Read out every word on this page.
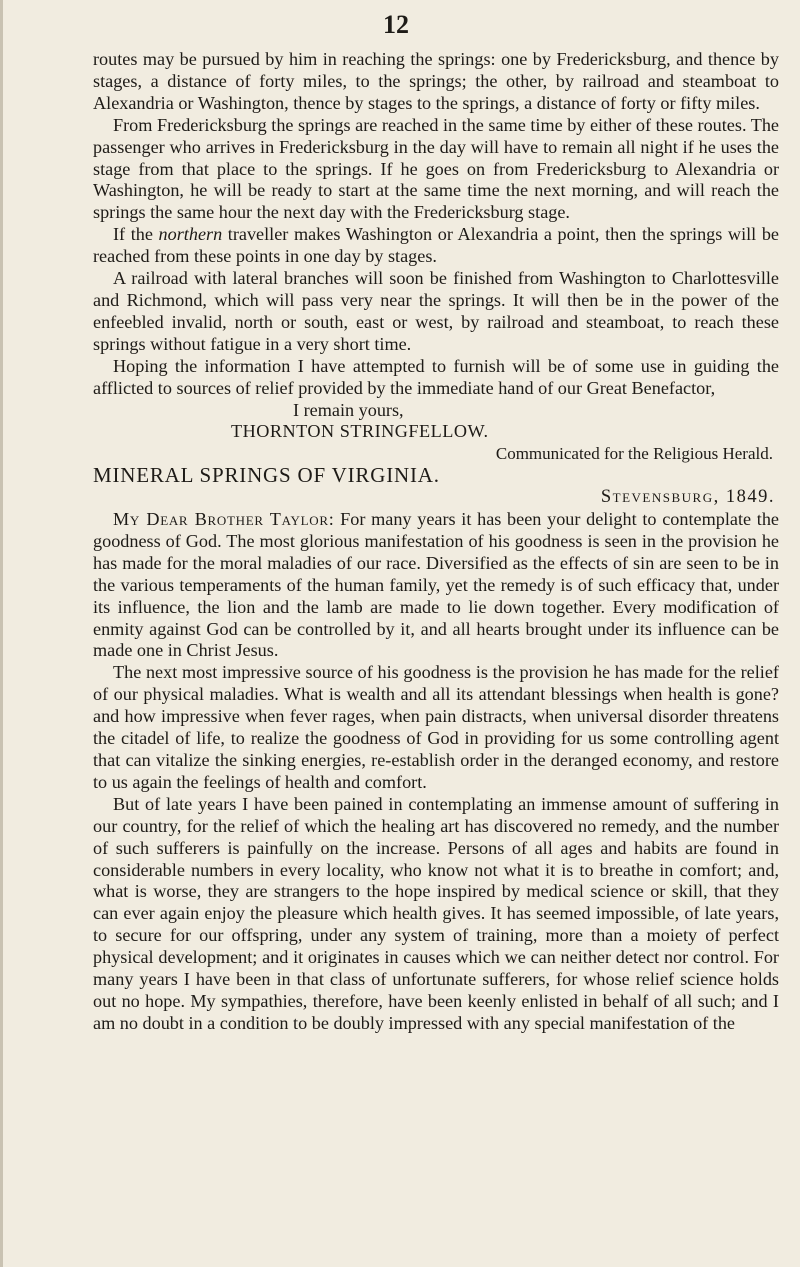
12

routes may be pursued by him in reaching the springs: one by Fredericksburg, and thence by stages, a distance of forty miles, to the springs; the other, by railroad and steamboat to Alexandria or Washington, thence by stages to the springs, a distance of forty or fifty miles.

From Fredericksburg the springs are reached in the same time by either of these routes. The passenger who arrives in Fredericksburg in the day will have to remain all night if he uses the stage from that place to the springs. If he goes on from Fredericksburg to Alexandria or Washington, he will be ready to start at the same time the next morning, and will reach the springs the same hour the next day with the Fredericksburg stage.

If the northern traveller makes Washington or Alexandria a point, then the springs will be reached from these points in one day by stages.

A railroad with lateral branches will soon be finished from Washington to Charlottesville and Richmond, which will pass very near the springs. It will then be in the power of the enfeebled invalid, north or south, east or west, by railroad and steamboat, to reach these springs without fatigue in a very short time.

Hoping the information I have attempted to furnish will be of some use in guiding the afflicted to sources of relief provided by the immediate hand of our Great Benefactor,

I remain yours,

THORNTON STRINGFELLOW.

Communicated for the Religious Herald.

MINERAL SPRINGS OF VIRGINIA.

Stevensburg, 1849.

My Dear Brother Taylor: For many years it has been your delight to contemplate the goodness of God. The most glorious manifestation of his goodness is seen in the provision he has made for the moral maladies of our race. Diversified as the effects of sin are seen to be in the various temperaments of the human family, yet the remedy is of such efficacy that, under its influence, the lion and the lamb are made to lie down together. Every modification of enmity against God can be controlled by it, and all hearts brought under its influence can be made one in Christ Jesus.

The next most impressive source of his goodness is the provision he has made for the relief of our physical maladies. What is wealth and all its attendant blessings when health is gone? and how impressive when fever rages, when pain distracts, when universal disorder threatens the citadel of life, to realize the goodness of God in providing for us some controlling agent that can vitalize the sinking energies, re-establish order in the deranged economy, and restore to us again the feelings of health and comfort.

But of late years I have been pained in contemplating an immense amount of suffering in our country, for the relief of which the healing art has discovered no remedy, and the number of such sufferers is painfully on the increase. Persons of all ages and habits are found in considerable numbers in every locality, who know not what it is to breathe in comfort; and, what is worse, they are strangers to the hope inspired by medical science or skill, that they can ever again enjoy the pleasure which health gives. It has seemed impossible, of late years, to secure for our offspring, under any system of training, more than a moiety of perfect physical development; and it originates in causes which we can neither detect nor control. For many years I have been in that class of unfortunate sufferers, for whose relief science holds out no hope. My sympathies, therefore, have been keenly enlisted in behalf of all such; and I am no doubt in a condition to be doubly impressed with any special manifestation of the
